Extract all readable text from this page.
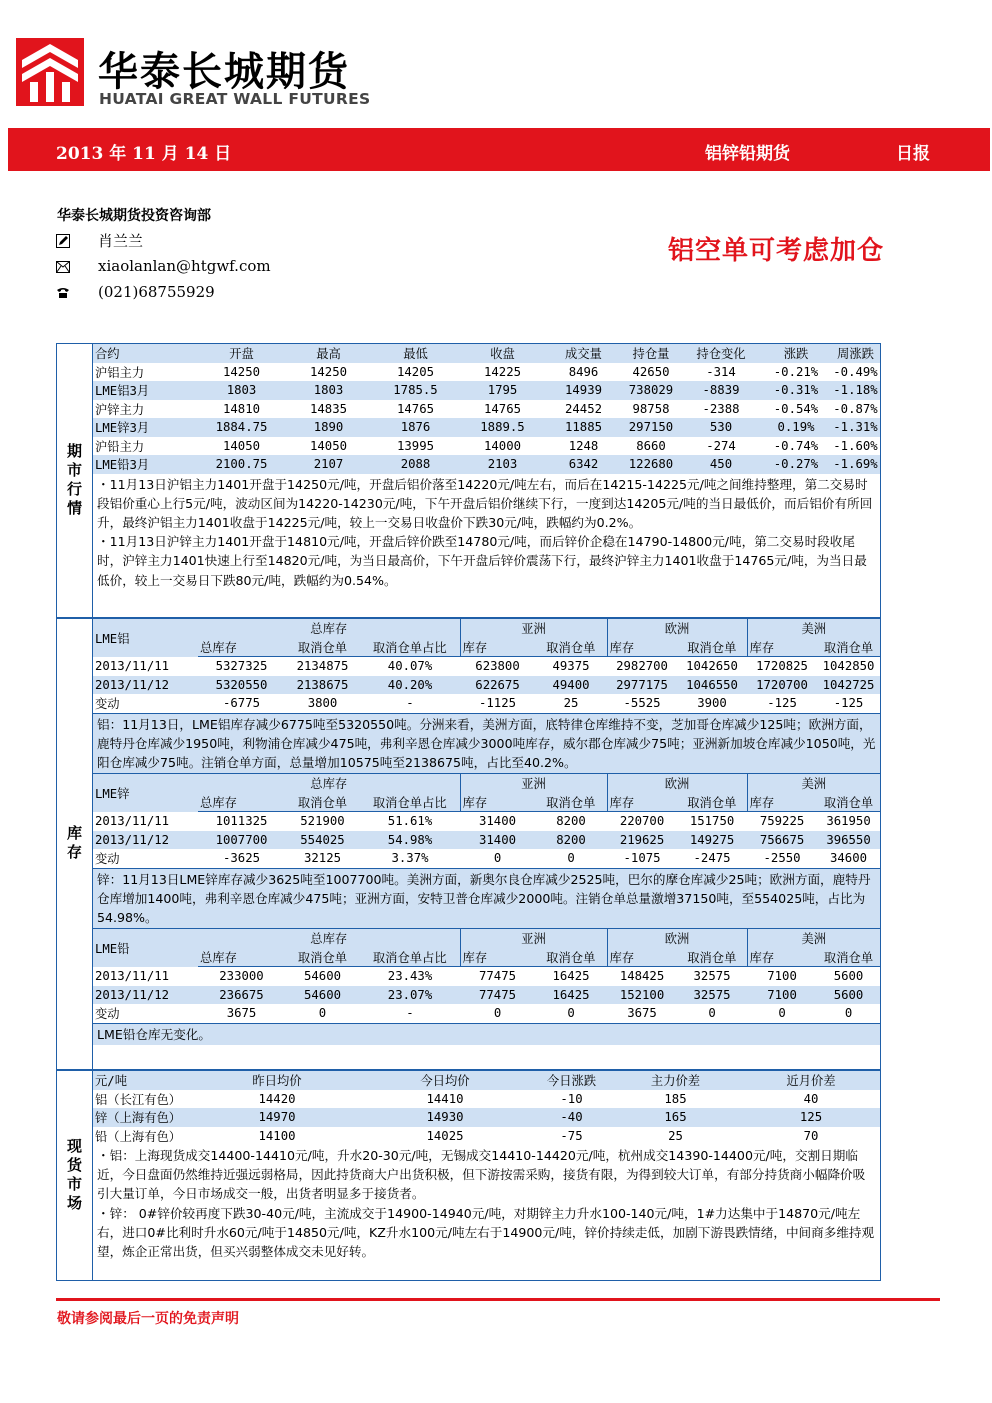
华泰长城期货
HUATAI GREAT WALL FUTURES
2013 年 11 月 14 日	铝锌铅期货	日报
华泰长城期货投资咨询部
肖兰兰
xiaolanlan@htgwf.com
(021)68755929
铝空单可考虑加仓
期市行情
合约	开盘	最高	最低	收盘	成交量	持仓量	持仓变化	涨跌	周涨跌
沪铝主力	14250	14250	14205	14225	8496	42650	-314	-0.21%	-0.49%
LME铝3月	1803	1803	1785.5	1795	14939	738029	-8839	-0.31%	-1.18%
沪锌主力	14810	14835	14765	14765	24452	98758	-2388	-0.54%	-0.87%
LME锌3月	1884.75	1890	1876	1889.5	11885	297150	530	0.19%	-1.31%
沪铅主力	14050	14050	13995	14000	1248	8660	-274	-0.74%	-1.60%
LME铅3月	2100.75	2107	2088	2103	6342	122680	450	-0.27%	-1.69%

・11月13日沪铝主力1401开盘于14250元/吨，开盘后铝价落至14220元/吨左右，而后在14215-14225元/吨之间维持整理，第二交易时段铝价重心上行5元/吨，波动区间为14220-14230元/吨，下午开盘后铝价继续下行，一度到达14205元/吨的当日最低价，而后铝价有所回升，最终沪铝主力1401收盘于14225元/吨，较上一交易日收盘价下跌30元/吨，跌幅约为0.2%。

・11月13日沪锌主力1401开盘于14810元/吨，开盘后锌价跌至14780元/吨，而后锌价企稳在14790-14800元/吨，第二交易时段收尾时，沪锌主力1401快速上行至14820元/吨，为当日最高价，下午开盘后锌价震荡下行，最终沪锌主力1401收盘于14765元/吨，为当日最低价，较上一交易日下跌80元/吨，跌幅约为0.54%。

库存
LME铝	总库存			亚洲		欧洲		美洲	
	总库存	取消仓单	取消仓单占比	库存	取消仓单	库存	取消仓单	库存	取消仓单
2013/11/11	5327325	2134875	40.07%	623800	49375	2982700	1042650	1720825	1042850
2013/11/12	5320550	2138675	40.20%	622675	49400	2977175	1046550	1720700	1042725
变动	-6775	3800	-	-1125	25	-5525	3900	-125	-125

铝：11月13日，LME铝库存减少6775吨至5320550吨。分洲来看，美洲方面，底特律仓库维持不变，芝加哥仓库减少125吨；欧洲方面，鹿特丹仓库减少1950吨，利物浦仓库减少475吨，弗利辛恩仓库减少3000吨库存，威尔郡仓库减少75吨；亚洲新加坡仓库减少1050吨，光阳仓库减少75吨。注销仓单方面，总量增加10575吨至2138675吨，占比至40.2%。

LME锌	总库存			亚洲		欧洲		美洲	
	总库存	取消仓单	取消仓单占比	库存	取消仓单	库存	取消仓单	库存	取消仓单
2013/11/11	1011325	521900	51.61%	31400	8200	220700	151750	759225	361950
2013/11/12	1007700	554025	54.98%	31400	8200	219625	149275	756675	396550
变动	-3625	32125	3.37%	0	0	-1075	-2475	-2550	34600

锌：11月13日LME锌库存减少3625吨至1007700吨。美洲方面，新奥尔良仓库减少2525吨，巴尔的摩仓库减少25吨；欧洲方面，鹿特丹仓库增加1400吨，弗利辛恩仓库减少475吨；亚洲方面，安特卫普仓库减少2000吨。注销仓单总量激增37150吨，至554025吨，占比为54.98%。

LME铅	总库存			亚洲		欧洲		美洲	
	总库存	取消仓单	取消仓单占比	库存	取消仓单	库存	取消仓单	库存	取消仓单
2013/11/11	233000	54600	23.43%	77475	16425	148425	32575	7100	5600
2013/11/12	236675	54600	23.07%	77475	16425	152100	32575	7100	5600
变动	3675	0	-	0	0	3675	0	0	0

LME铅仓库无变化。

现货市场
元/吨	昨日均价	今日均价	今日涨跌	主力价差	近月价差
铝（长江有色）	14420	14410	-10	185	40
锌（上海有色）	14970	14930	-40	165	125
铅（上海有色）	14100	14025	-75	25	70

・铝：上海现货成交14400-14410元/吨，升水20-30元/吨，无锡成交14410-14420元/吨，杭州成交14390-14400元/吨，交割日期临近，今日盘面仍然维持近强远弱格局，因此持货商大户出货积极，但下游按需采购，接货有限，为得到较大订单，有部分持货商小幅降价吸引大量订单，今日市场成交一般，出货者明显多于接货者。

・锌： 0#锌价较再度下跌30-40元/吨，主流成交于14900-14940元/吨，对期锌主力升水100-140元/吨，1#力达集中于14870元/吨左右，进口0#比利时升水60元/吨于14850元/吨，KZ升水100元/吨左右于14900元/吨，锌价持续走低，加剧下游畏跌情绪，中间商多维持观望，炼企正常出货，但买兴弱整体成交未见好转。

敬请参阅最后一页的免责声明
